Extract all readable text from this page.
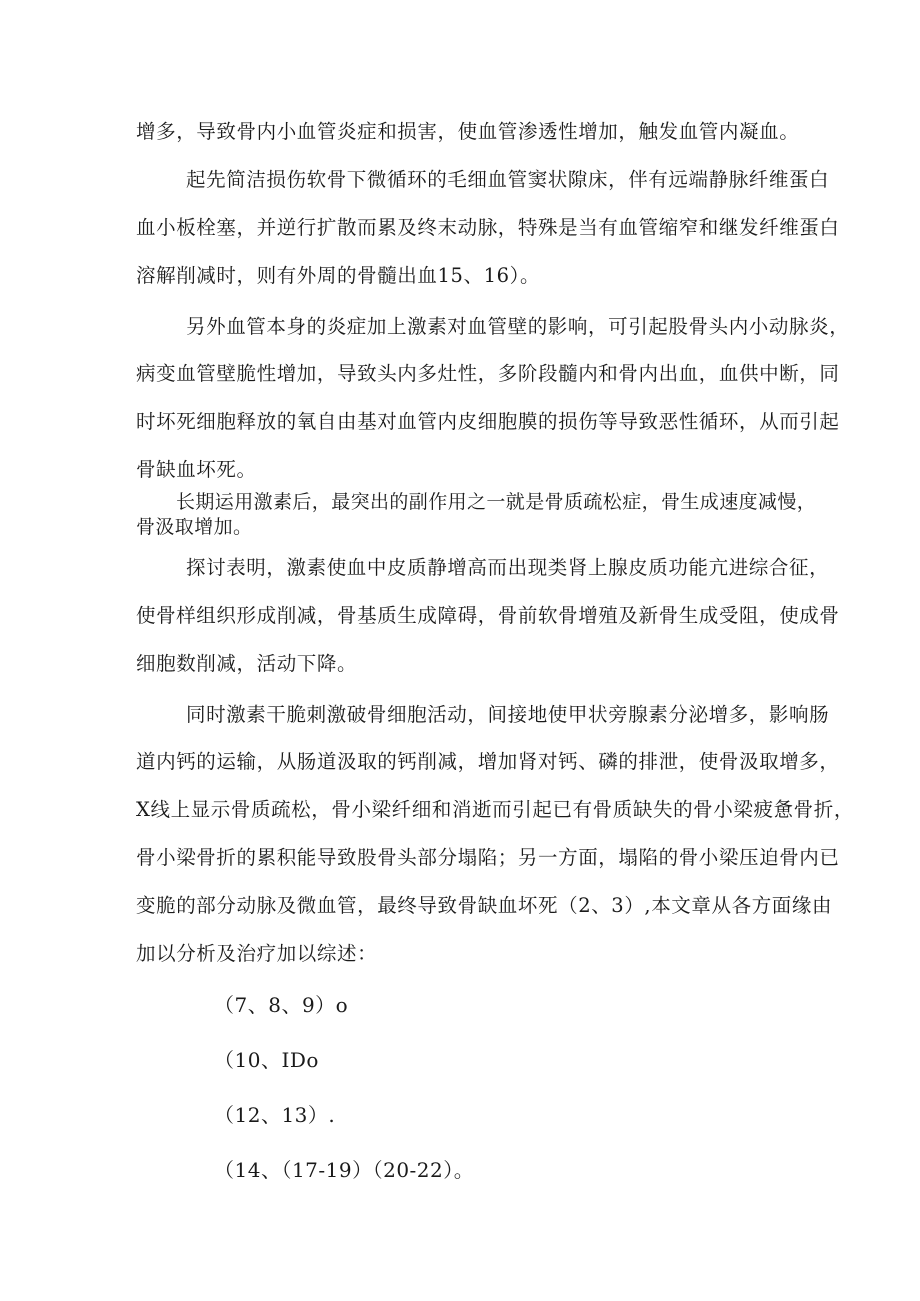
增多，导致骨内小血管炎症和损害，使血管渗透性增加，触发血管内凝血。
起先简洁损伤软骨下微循环的毛细血管窦状隙床，伴有远端静脉纤维蛋白
血小板栓塞，并逆行扩散而累及终末动脉，特殊是当有血管缩窄和继发纤维蛋白
溶解削减时，则有外周的骨髓出血15、16）。
另外血管本身的炎症加上激素对血管壁的影响，可引起股骨头内小动脉炎，
病变血管壁脆性增加，导致头内多灶性，多阶段髓内和骨内出血，血供中断，同
时坏死细胞释放的氧自由基对血管内皮细胞膜的损伤等导致恶性循环，从而引起
骨缺血坏死。
长期运用激素后，最突出的副作用之一就是骨质疏松症，骨生成速度减慢，
骨汲取增加。
探讨表明，激素使血中皮质静增高而出现类肾上腺皮质功能亢进综合征，
使骨样组织形成削减，骨基质生成障碍，骨前软骨增殖及新骨生成受阻，使成骨
细胞数削减，活动下降。
同时激素干脆刺激破骨细胞活动，间接地使甲状旁腺素分泌增多，影响肠
道内钙的运输，从肠道汲取的钙削减，增加肾对钙、磷的排泄，使骨汲取增多，
X线上显示骨质疏松，骨小梁纤细和消逝而引起已有骨质缺失的骨小梁疲惫骨折，
骨小梁骨折的累积能导致股骨头部分塌陷；另一方面，塌陷的骨小梁压迫骨内已
变脆的部分动脉及微血管，最终导致骨缺血坏死（2、3）,本文章从各方面缘由
加以分析及治疗加以综述：
（7、8、9）o
（10、IDo
（12、13）.
（14、（17-19）（20-22）。
